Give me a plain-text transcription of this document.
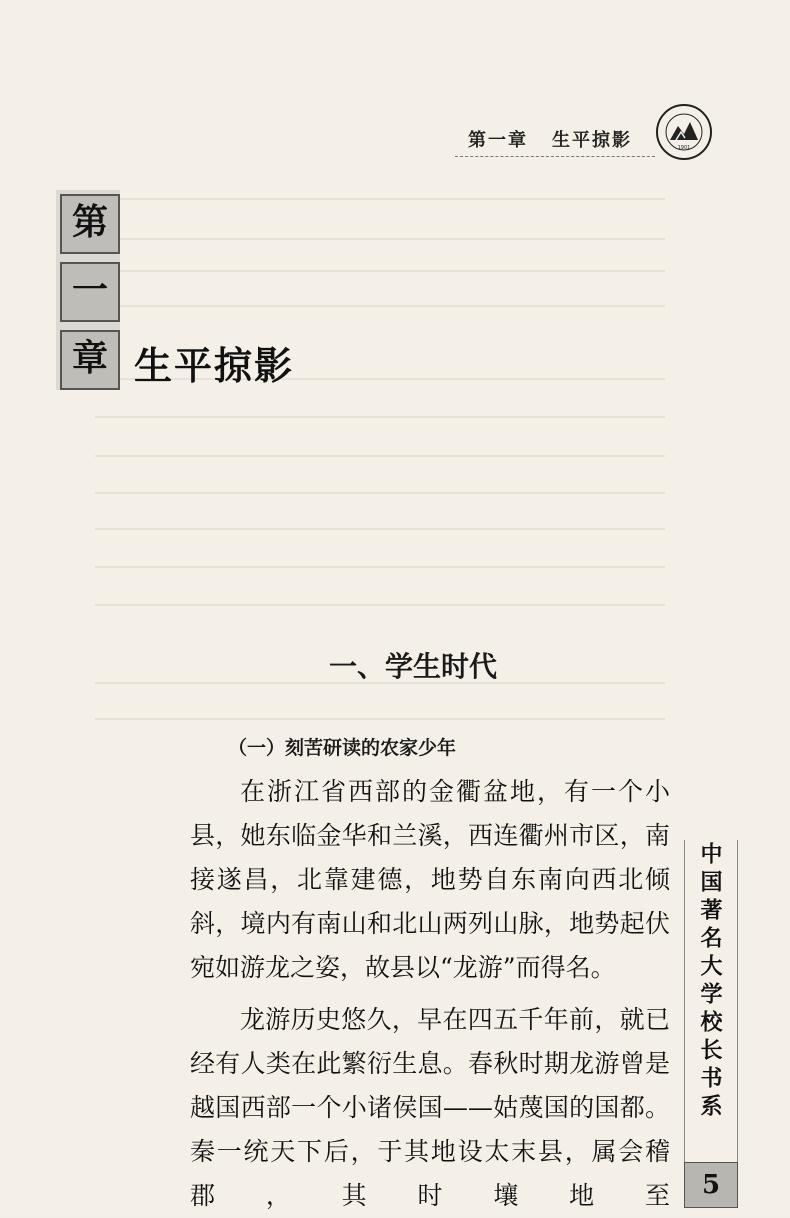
第一章 生平掠影	1901
第
一
章 生平掠影
一、学生时代
（一）刻苦研读的农家少年

在浙江省西部的金衢盆地，有一个小县，她东临金华和兰溪，西连衢州市区，南接遂昌，北靠建德，地势自东南向西北倾斜，境内有南山和北山两列山脉，地势起伏宛如游龙之姿，故县以“龙游”而得名。

龙游历史悠久，早在四五千年前，就已经有人类在此繁衍生息。春秋时期龙游曾是越国西部一个小诸侯国——姑蔑国的国都。秦一统天下后，于其地设太末县，属会稽郡，其时壤地至

中国著名大学校长书系
5
